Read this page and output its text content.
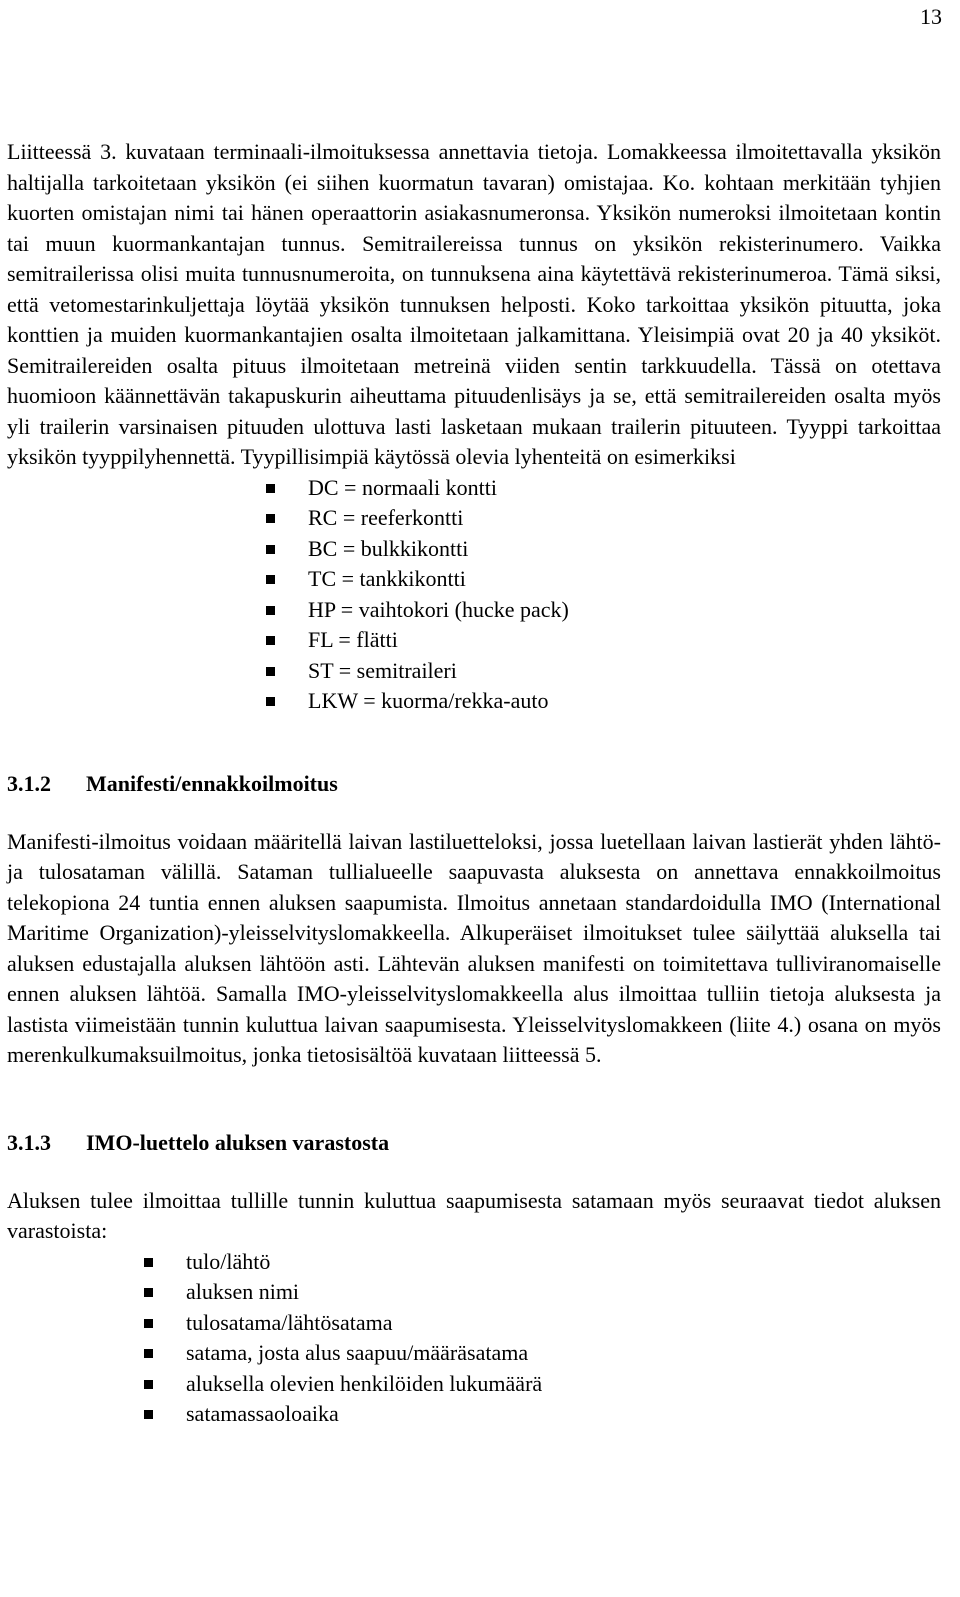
13

Liitteessä 3. kuvataan terminaali-ilmoituksessa annettavia tietoja. Lomakkeessa ilmoitettavalla yksikön haltijalla tarkoitetaan yksikön (ei siihen kuormatun tavaran) omistajaa. Ko. kohtaan merkitään tyhjien kuorten omistajan nimi tai hänen operaattorin asiakasnumeronsa. Yksikön numeroksi ilmoitetaan kontin tai muun kuormankantajan tunnus. Semitrailereissa tunnus on yksikön rekisterinumero. Vaikka semitrailerissa olisi muita tunnusnumeroita, on tunnuksena aina käytettävä rekisterinumeroa. Tämä siksi, että vetomestarinkuljettaja löytää yksikön tunnuksen helposti. Koko tarkoittaa yksikön pituutta, joka konttien ja muiden kuormankantajien osalta ilmoitetaan jalkamittana. Yleisimpiä ovat 20 ja 40 yksiköt. Semitrailereiden osalta pituus ilmoitetaan metreinä viiden sentin tarkkuudella. Tässä on otettava huomioon käännettävän takapuskurin aiheuttama pituudenlisäys ja se, että semitrailereiden osalta myös yli trailerin varsinaisen pituuden ulottuva lasti lasketaan mukaan trailerin pituuteen. Tyyppi tarkoittaa yksikön tyyppilyhennettä. Tyypillisimpiä käytössä olevia lyhenteitä on esimerkiksi

DC = normaali kontti
RC = reeferkontti
BC = bulkkikontti
TC = tankkikontti
HP = vaihtokori (hucke pack)
FL = flätti
ST = semitraileri
LKW = kuorma/rekka-auto
3.1.2 Manifesti/ennakkoilmoitus

Manifesti-ilmoitus voidaan määritellä laivan lastiluetteloksi, jossa luetellaan laivan lastierät yhden lähtö- ja tulosataman välillä. Sataman tullialueelle saapuvasta aluksesta on annettava ennakkoilmoitus telekopiona 24 tuntia ennen aluksen saapumista. Ilmoitus annetaan standardoidulla IMO (International Maritime Organization)-yleisselvityslomakkeella. Alkuperäiset ilmoitukset tulee säilyttää aluksella tai aluksen edustajalla aluksen lähtöön asti. Lähtevän aluksen manifesti on toimitettava tulliviranomaiselle ennen aluksen lähtöä. Samalla IMO-yleisselvityslomakkeella alus ilmoittaa tulliin tietoja aluksesta ja lastista viimeistään tunnin kuluttua laivan saapumisesta. Yleisselvityslomakkeen (liite 4.) osana on myös merenkulkumaksuilmoitus, jonka tietosisältöä kuvataan liitteessä 5.

3.1.3 IMO-luettelo aluksen varastosta

Aluksen tulee ilmoittaa tullille tunnin kuluttua saapumisesta satamaan myös seuraavat tiedot aluksen varastoista:

tulo/lähtö
aluksen nimi
tulosatama/lähtösatama
satama, josta alus saapuu/määräsatama
aluksella olevien henkilöiden lukumäärä
satamassaoloaika
